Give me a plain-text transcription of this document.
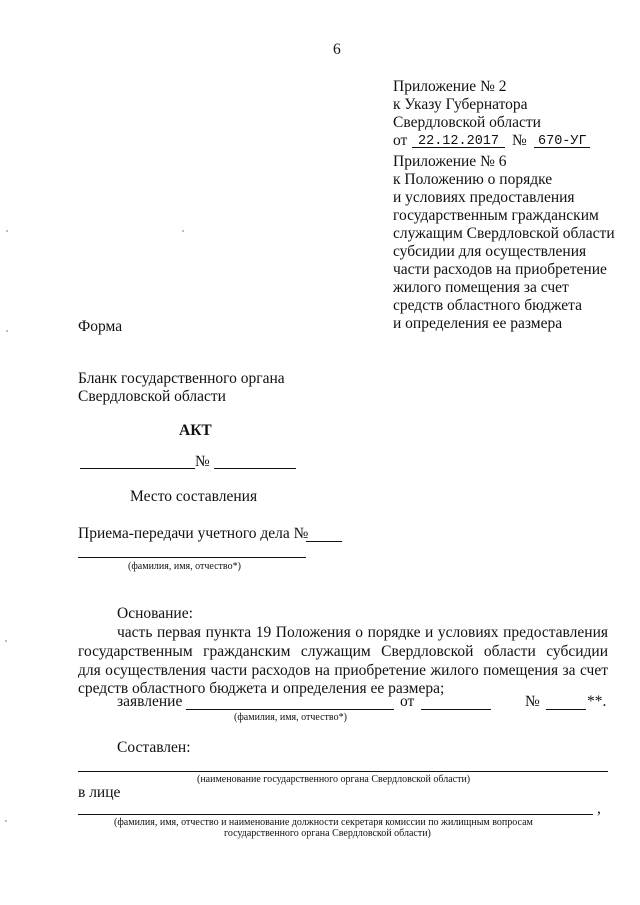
6
Приложение № 2
к Указу Губернатора
Свердловской области
от 22.12.2017 № 670-УГ
Приложение № 6
к Положению о порядке
и условиях предоставления
государственным гражданским
служащим Свердловской области
субсидии для осуществления
части расходов на приобретение
жилого помещения за счет
средств областного бюджета
и определения ее размера
Форма
Бланк государственного органа
Свердловской области
АКТ
№
Место составления
Приема-передачи учетного дела №
(фамилия, имя, отчество*)
Основание:
часть первая пункта 19 Положения о порядке и условиях предоставления
государственным гражданским служащим Свердловской области субсидии
для осуществления части расходов на приобретение жилого помещения за счет
средств областного бюджета и определения ее размера;
заявление	от	№	**.
(фамилия, имя, отчество*)
Составлен:
(наименование государственного органа Свердловской области)
в лице
,
(фамилия, имя, отчество и наименование должности секретаря комиссии по жилищным вопросам
государственного органа Свердловской области)
